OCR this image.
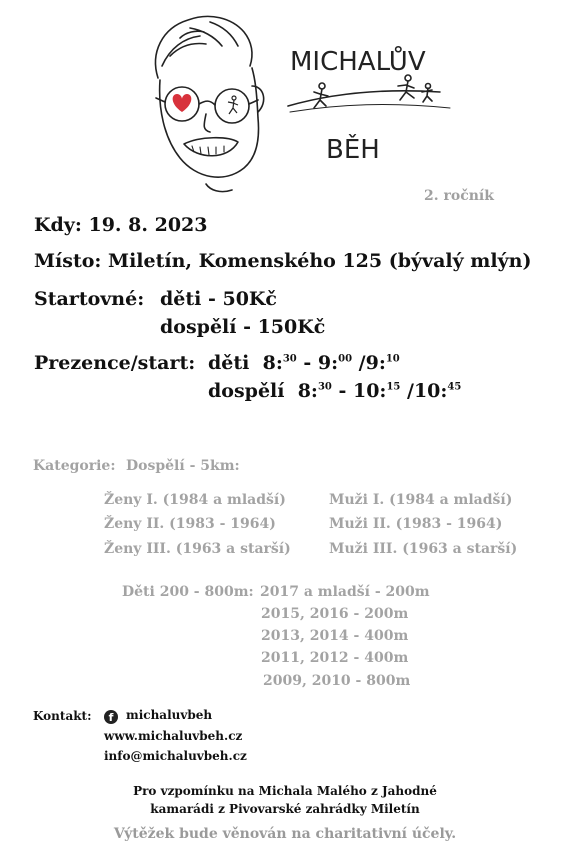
MICHALŮV
BĚH
2. ročník
Kdy: 19. 8. 2023
Místo: Miletín, Komenského 125 (bývalý mlýn)
Startovné: děti - 50Kč
dospělí - 150Kč
Prezence/start: děti 8:$^{30}$ - 9:$^{00}$ /9:$^{10}$
dospělí 8:$^{30}$ - 10:$^{15}$ /10:$^{45}$
Kategorie: Dospělí - 5km:
Ženy I. (1984 a mladší)
Ženy II. (1983 - 1964)
Ženy III. (1963 a starší)
Muži I. (1984 a mladší)
Muži II. (1983 - 1964)
Muži III. (1963 a starší)
Děti 200 - 800m: 2017 a mladší - 200m
2015, 2016 - 200m
2013, 2014 - 400m
2011, 2012 - 400m
2009, 2010 - 800m
Kontakt:	f michaluvbeh
www.michaluvbeh.cz
info@michaluvbeh.cz
Pro vzpomínku na Michala Malého z Jahodné
kamarádi z Pivovarské zahrádky Miletín
Výtěžek bude věnován na charitativní účely.
